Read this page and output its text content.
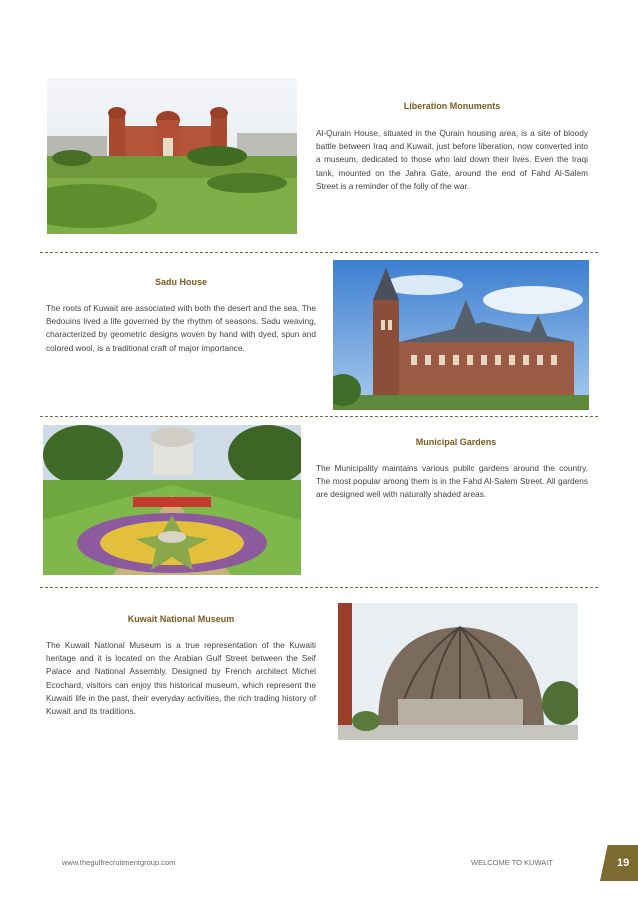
Liberation Monuments
Al-Qurain House, situated in the Qurain housing area, is a site of bloody battle between Iraq and Kuwait, just before liberation, now converted into a museum, dedicated to those who laid down their lives. Even the Iraqi tank, mounted on the Jahra Gate, around the end of Fahd Al-Salem Street is a reminder of the folly of the war.
Sadu House
The roots of Kuwait are associated with both the desert and the sea. The Bedouins lived a life governed by the rhythm of seasons. Sadu weaving, characterized by geometric designs woven by hand with dyed, spun and colored wool, is a traditional craft of major importance.
Municipal Gardens
The Municipality maintains various public gardens around the country. The most popular among them is in the Fahd Al-Salem Street. All gardens are designed well with naturally shaded areas.
Kuwait National Museum
The Kuwait National Museum is a true representation of the Kuwaiti heritage and it is located on the Arabian Gulf Street between the Seif Palace and National Assembly. Designed by French architect Michel Ecochard, visitors can enjoy this historical museum, which represent the Kuwaiti life in the past, their everyday activities, the rich trading history of Kuwait and its traditions.
www.thegulfrecruitmentgroup.com	WELCOME TO KUWAIT	19
